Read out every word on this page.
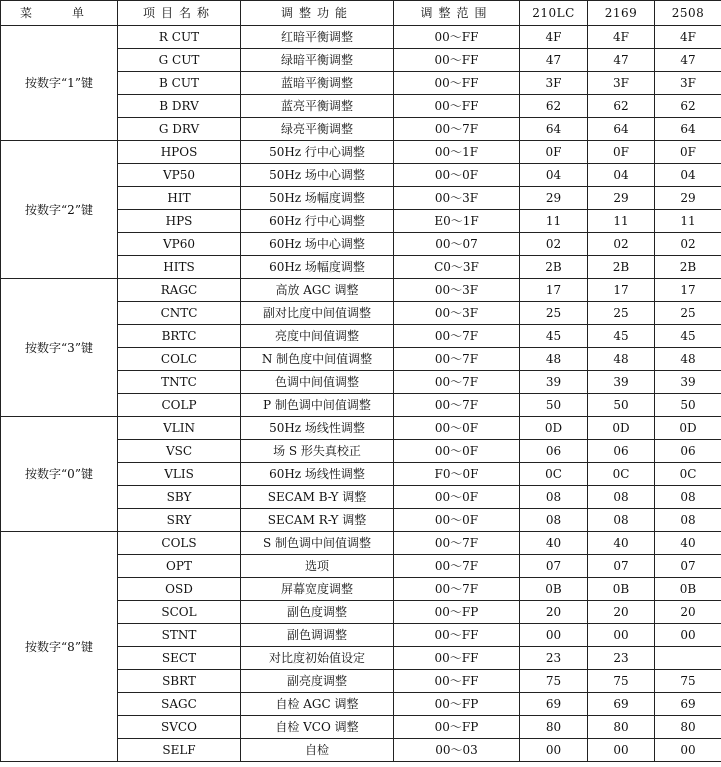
菜　单	项目名称	调整功能	调整范围	210LC	2169	2508
按数字“1”键	R CUT	红暗平衡调整	00～FF	4F	4F	4F
	G CUT	绿暗平衡调整	00～FF	47	47	47
	B CUT	蓝暗平衡调整	00～FF	3F	3F	3F
	B DRV	蓝亮平衡调整	00～FF	62	62	62
	G DRV	绿亮平衡调整	00～7F	64	64	64
按数字“2”键	HPOS	50Hz 行中心调整	00～1F	0F	0F	0F
	VP50	50Hz 场中心调整	00～0F	04	04	04
	HIT	50Hz 场幅度调整	00～3F	29	29	29
	HPS	60Hz 行中心调整	E0～1F	11	11	11
	VP60	60Hz 场中心调整	00～07	02	02	02
	HITS	60Hz 场幅度调整	C0～3F	2B	2B	2B
按数字“3”键	RAGC	高放 AGC 调整	00～3F	17	17	17
	CNTC	副对比度中间值调整	00～3F	25	25	25
	BRTC	亮度中间值调整	00～7F	45	45	45
	COLC	N 制色度中间值调整	00～7F	48	48	48
	TNTC	色调中间值调整	00～7F	39	39	39
	COLP	P 制色调中间值调整	00～7F	50	50	50
按数字“0”键	VLIN	50Hz 场线性调整	00～0F	0D	0D	0D
	VSC	场 S 形失真校正	00～0F	06	06	06
	VLIS	60Hz 场线性调整	F0～0F	0C	0C	0C
	SBY	SECAM B-Y 调整	00～0F	08	08	08
	SRY	SECAM R-Y 调整	00～0F	08	08	08
按数字“8”键	COLS	S 制色调中间值调整	00～7F	40	40	40
	OPT	选项	00～7F	07	07	07
	OSD	屏幕宽度调整	00～7F	0B	0B	0B
	SCOL	副色度调整	00～FP	20	20	20
	STNT	副色调调整	00～FF	00	00	00
	SECT	对比度初始值设定	00～FF	23	23	
	SBRT	副亮度调整	00～FF	75	75	75
	SAGC	自检 AGC 调整	00～FP	69	69	69
	SVCO	自检 VCO 调整	00～FP	80	80	80
	SELF	自检	00～03	00	00	00
